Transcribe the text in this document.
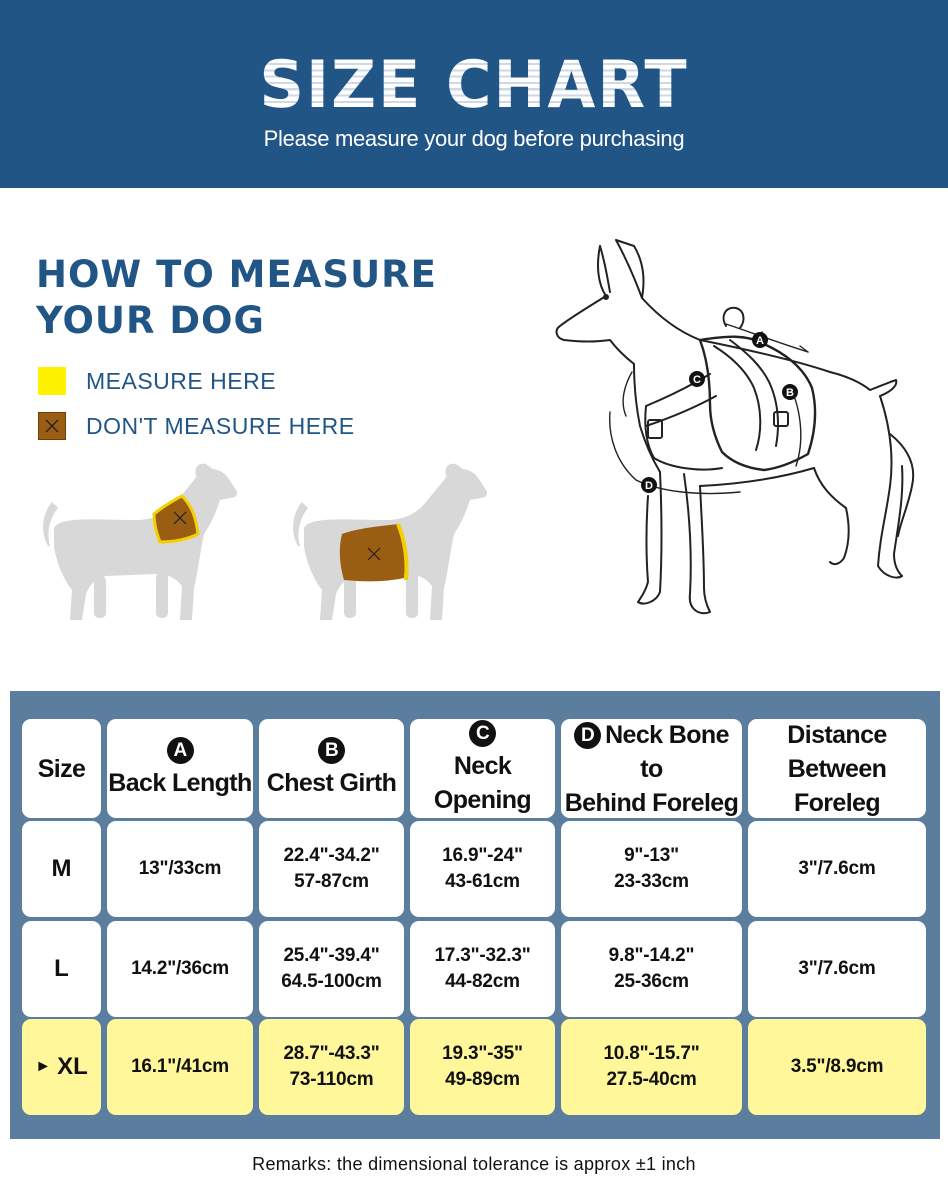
SIZE CHART
Please measure your dog before purchasing
HOW TO MEASURE
YOUR DOG
MEASURE HERE
DON'T MEASURE HERE
A
B
C
D
Size
A
Back Length
B
Chest Girth
C
Neck Opening
D Neck Bone to
Behind Foreleg
Distance Between
Foreleg
M	13"/33cm
22.4"-34.2"
57-87cm
16.9"-24"
43-61cm
9"-13"
23-33cm
3"/7.6cm
L	14.2"/36cm
25.4"-39.4"
64.5-100cm
17.3"-32.3"
44-82cm
9.8"-14.2"
25-36cm
3"/7.6cm
► XL 16.1"/41cm
28.7"-43.3"
73-110cm
19.3"-35"
49-89cm
10.8"-15.7"
27.5-40cm
3.5"/8.9cm
Remarks: the dimensional tolerance is approx ±1 inch
